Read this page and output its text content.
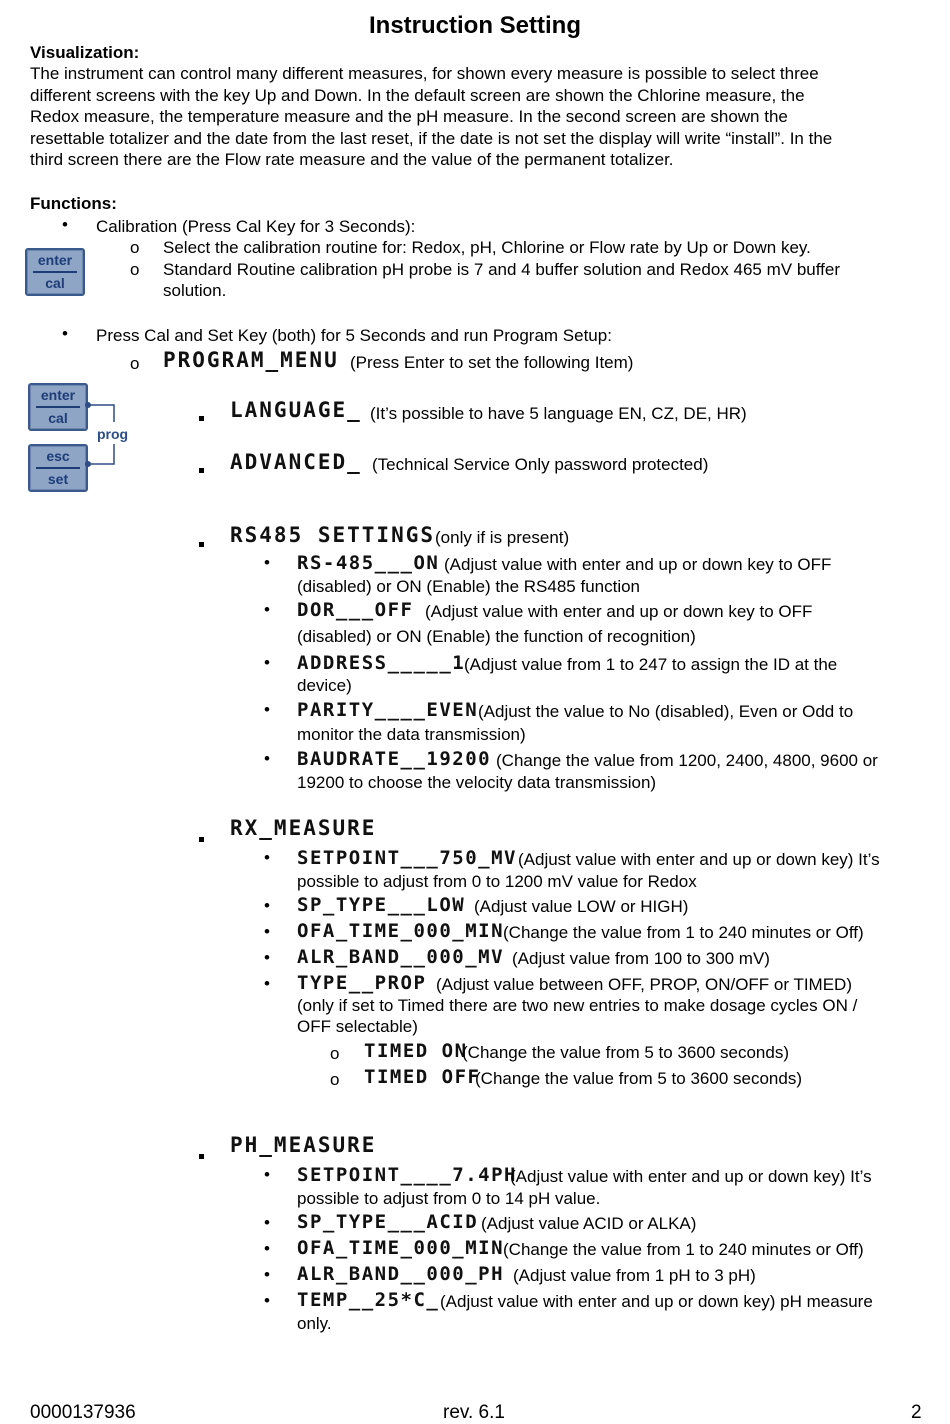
Instruction Setting
Visualization:
The instrument can control many different measures, for shown every measure is possible to select three
different screens with the key Up and Down. In the default screen are shown the Chlorine measure, the
Redox measure, the temperature measure and the pH measure. In the second screen are shown the
resettable totalizer and the date from the last reset, if the date is not set the display will write “install”. In the
third screen there are the Flow rate measure and the value of the permanent totalizer.
Functions:
• Calibration (Press Cal Key for 3 Seconds):
o Select the calibration routine for: Redox, pH, Chlorine or Flow rate by Up or Down key.
o Standard Routine calibration pH probe is 7 and 4 buffer solution and Redox 465 mV buffer
solution.
enter
cal
• Press Cal and Set Key (both) for 5 Seconds and run Program Setup:
o PROGRAM_MENU (Press Enter to set the following Item)
enter
cal
esc
set
prog
LANGUAGE_ (It’s possible to have 5 language EN, CZ, DE, HR)
ADVANCED_ (Technical Service Only password protected)
RS485 SETTINGS (only if is present)
• RS-485___ON (Adjust value with enter and up or down key to OFF
(disabled) or ON (Enable) the RS485 function
• DOR___OFF (Adjust value with enter and up or down key to OFF
(disabled) or ON (Enable) the function of recognition)
• ADDRESS_____1
(Adjust value from 1 to 247 to assign the ID at the
device)
• PARITY____EVEN (Adjust the value to No (disabled), Even or Odd to
monitor the data transmission)
• BAUDRATE__19200 (Change the value from 1200, 2400, 4800, 9600 or
19200 to choose the velocity data transmission)
RX_MEASURE
• SETPOINT___750_MV (Adjust value with enter and up or down key) It’s
possible to adjust from 0 to 1200 mV value for Redox
• SP_TYPE___LOW (Adjust value LOW or HIGH)
• OFA_TIME_000_MIN
(Change the value from 1 to 240 minutes or Off)
• ALR_BAND__000_MV (Adjust value from 100 to 300 mV)
• TYPE__PROP (Adjust value between OFF, PROP, ON/OFF or TIMED)
(only if set to Timed there are two new entries to make dosage cycles ON /
OFF selectable)
o TIMED ON
(Change the value from 5 to 3600 seconds)
o TIMED OFF
(Change the value from 5 to 3600 seconds)
PH_MEASURE
• SETPOINT____7.4PH
(Adjust value with enter and up or down key) It’s
possible to adjust from 0 to 14 pH value.
• SP_TYPE___ACID (Adjust value ACID or ALKA)
• OFA_TIME_000_MIN
(Change the value from 1 to 240 minutes or Off)
• ALR_BAND__000_PH (Adjust value from 1 pH to 3 pH)
• TEMP__25*C_ (Adjust value with enter and up or down key) pH measure
only.
0000137936	rev. 6.1	2
